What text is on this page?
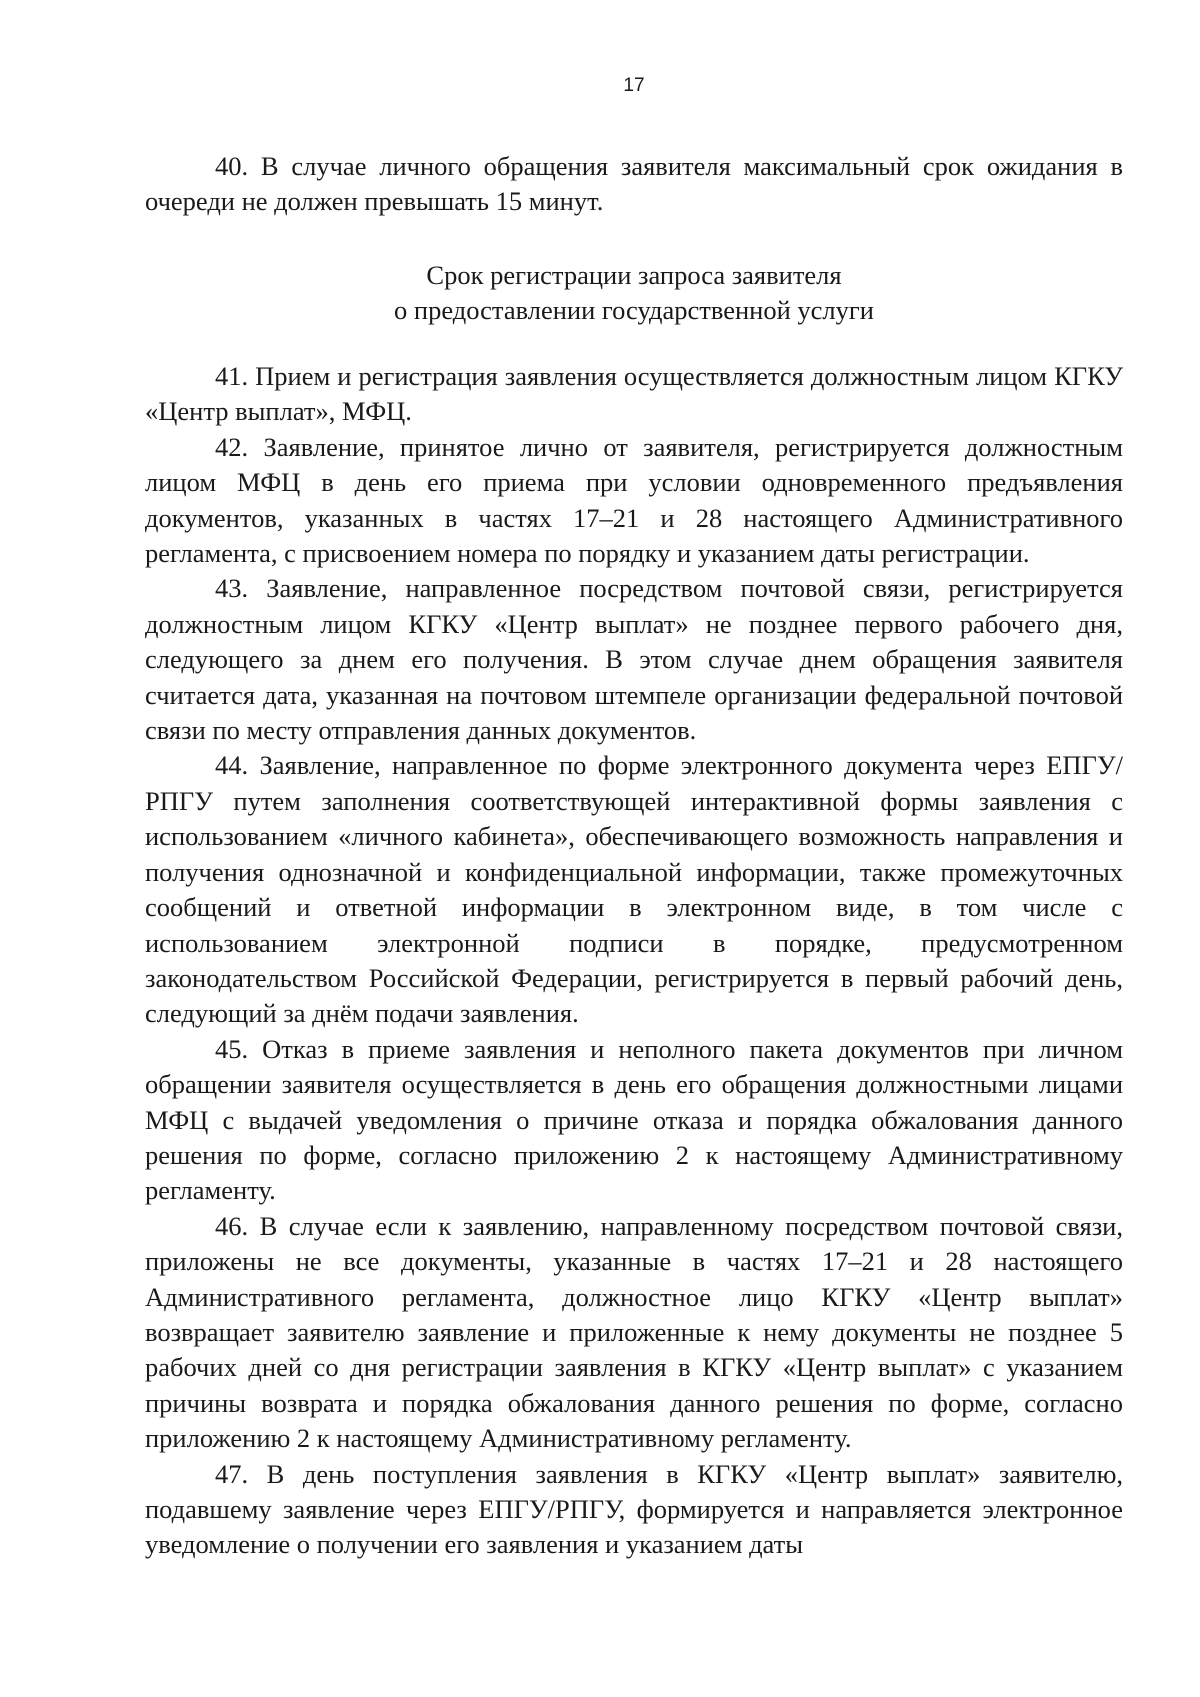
17

40. В случае личного обращения заявителя максимальный срок ожидания в очереди не должен превышать 15 минут.

Срок регистрации запроса заявителя

о предоставлении государственной услуги

41. Прием и регистрация заявления осуществляется должностным лицом КГКУ «Центр выплат», МФЦ.

42. Заявление, принятое лично от заявителя, регистрируется должностным лицом МФЦ в день его приема при условии одновременного предъявления документов, указанных в частях 17–21 и 28 настоящего Административного регламента, с присвоением номера по порядку и указанием даты регистрации.

43. Заявление, направленное посредством почтовой связи, регистрируется должностным лицом КГКУ «Центр выплат» не позднее первого рабочего дня, следующего за днем его получения. В этом случае днем обращения заявителя считается дата, указанная на почтовом штемпеле организации федеральной почтовой связи по месту отправления данных документов.

44. Заявление, направленное по форме электронного документа через ЕПГУ/РПГУ путем заполнения соответствующей интерактивной формы заявления с использованием «личного кабинета», обеспечивающего возможность направления и получения однозначной и конфиденциальной информации, также промежуточных сообщений и ответной информации в электронном виде, в том числе с использованием электронной подписи в порядке, предусмотренном законодательством Российской Федерации, регистрируется в первый рабочий день, следующий за днём подачи заявления.

45. Отказ в приеме заявления и неполного пакета документов при личном обращении заявителя осуществляется в день его обращения должностными лицами МФЦ с выдачей уведомления о причине отказа и порядка обжалования данного решения по форме, согласно приложению 2 к настоящему Административному регламенту.

46. В случае если к заявлению, направленному посредством почтовой связи, приложены не все документы, указанные в частях 17–21 и 28 настоящего Административного регламента, должностное лицо КГКУ «Центр выплат» возвращает заявителю заявление и приложенные к нему документы не позднее 5 рабочих дней со дня регистрации заявления в КГКУ «Центр выплат» с указанием причины возврата и порядка обжалования данного решения по форме, согласно приложению 2 к настоящему Административному регламенту.

47. В день поступления заявления в КГКУ «Центр выплат» заявителю, подавшему заявление через ЕПГУ/РПГУ, формируется и направляется электронное уведомление о получении его заявления и указанием даты
